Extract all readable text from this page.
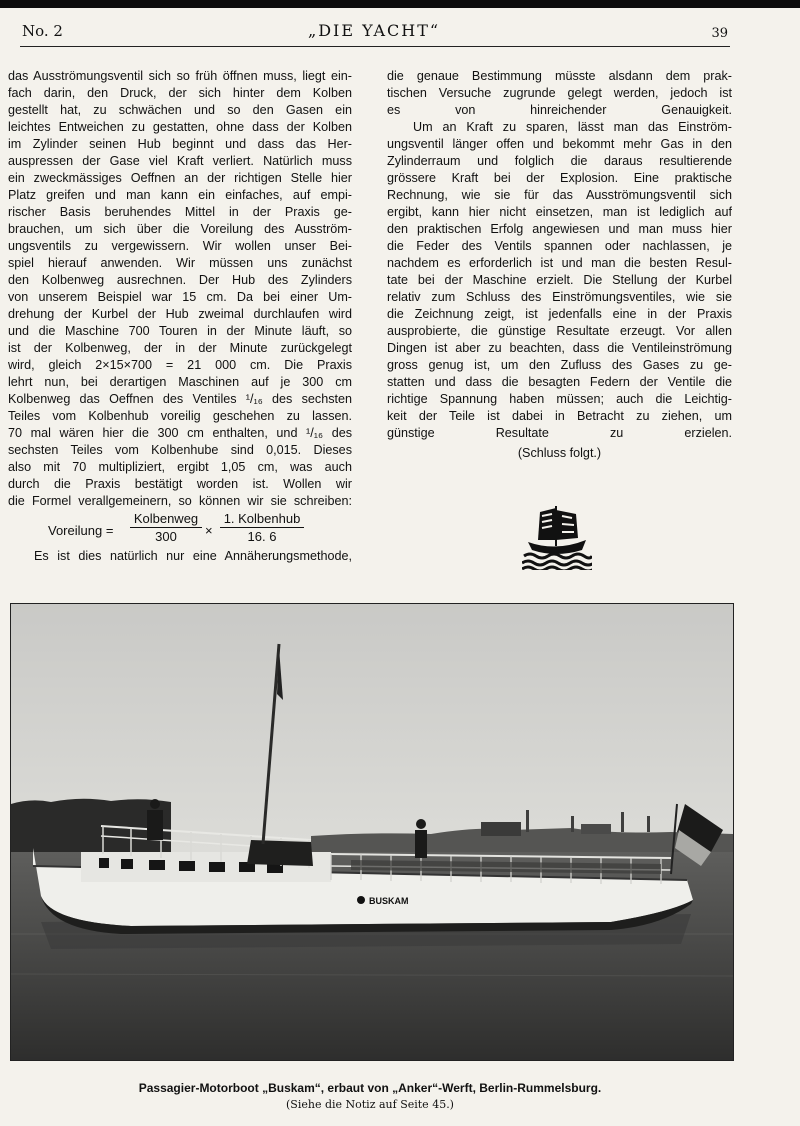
No. 2	„DIE YACHT“	39
das Ausströmungsventil sich so früh öffnen muss, liegt ein-
fach darin, den Druck, der sich hinter dem Kolben
gestellt hat, zu schwächen und so den Gasen ein
leichtes Entweichen zu gestatten, ohne dass der Kolben
im Zylinder seinen Hub beginnt und dass das Her-
auspressen der Gase viel Kraft verliert. Natürlich muss
ein zweckmässiges Oeffnen an der richtigen Stelle hier
Platz greifen und man kann ein einfaches, auf empi-
rischer Basis beruhendes Mittel in der Praxis ge-
brauchen, um sich über die Voreilung des Ausström-
ungsventils zu vergewissern. Wir wollen unser Bei-
spiel hierauf anwenden. Wir müssen uns zunächst
den Kolbenweg ausrechnen. Der Hub des Zylinders
von unserem Beispiel war 15 cm. Da bei einer Um-
drehung der Kurbel der Hub zweimal durchlaufen wird
und die Maschine 700 Touren in der Minute läuft, so
ist der Kolbenweg, der in der Minute zurückgelegt
wird, gleich 2×15×700 = 21 000 cm. Die Praxis
lehrt nun, bei derartigen Maschinen auf je 300 cm
Kolbenweg das Oeffnen des Ventiles ¹/₁₆ des sechsten
Teiles vom Kolbenhub voreilig geschehen zu lassen.
70 mal wären hier die 300 cm enthalten, und ¹/₁₆ des
sechsten Teiles vom Kolbenhube sind 0,015. Dieses
also mit 70 multipliziert, ergibt 1,05 cm, was auch
durch die Praxis bestätigt worden ist. Wollen wir
die Formel verallgemeinern, so können wir sie schreiben:
Voreilung =
Kolbenweg
300	×
1. Kolbenhub
16. 6
Es ist dies natürlich nur eine Annäherungsmethode,
die genaue Bestimmung müsste alsdann dem prak-
tischen Versuche zugrunde gelegt werden, jedoch ist
es von hinreichender Genauigkeit.
Um an Kraft zu sparen, lässt man das Einström-
ungsventil länger offen und bekommt mehr Gas in den
Zylinderraum und folglich die daraus resultierende
grössere Kraft bei der Explosion. Eine praktische
Rechnung, wie sie für das Ausströmungsventil sich
ergibt, kann hier nicht einsetzen, man ist lediglich auf
den praktischen Erfolg angewiesen und man muss hier
die Feder des Ventils spannen oder nachlassen, je
nachdem es erforderlich ist und man die besten Resul-
tate bei der Maschine erzielt. Die Stellung der Kurbel
relativ zum Schluss des Einströmungsventiles, wie sie
die Zeichnung zeigt, ist jedenfalls eine in der Praxis
ausprobierte, die günstige Resultate erzeugt. Vor allen
Dingen ist aber zu beachten, dass die Ventileinströmung
gross genug ist, um den Zufluss des Gases zu ge-
statten und dass die besagten Federn der Ventile die
richtige Spannung haben müssen; auch die Leichtig-
keit der Teile ist dabei in Betracht zu ziehen, um
günstige Resultate zu erzielen.
(Schluss folgt.)
BUSKAM
Passagier-Motorboot „Buskam“, erbaut von „Anker“-Werft, Berlin-Rummelsburg.
(Siehe die Notiz auf Seite 45.)
